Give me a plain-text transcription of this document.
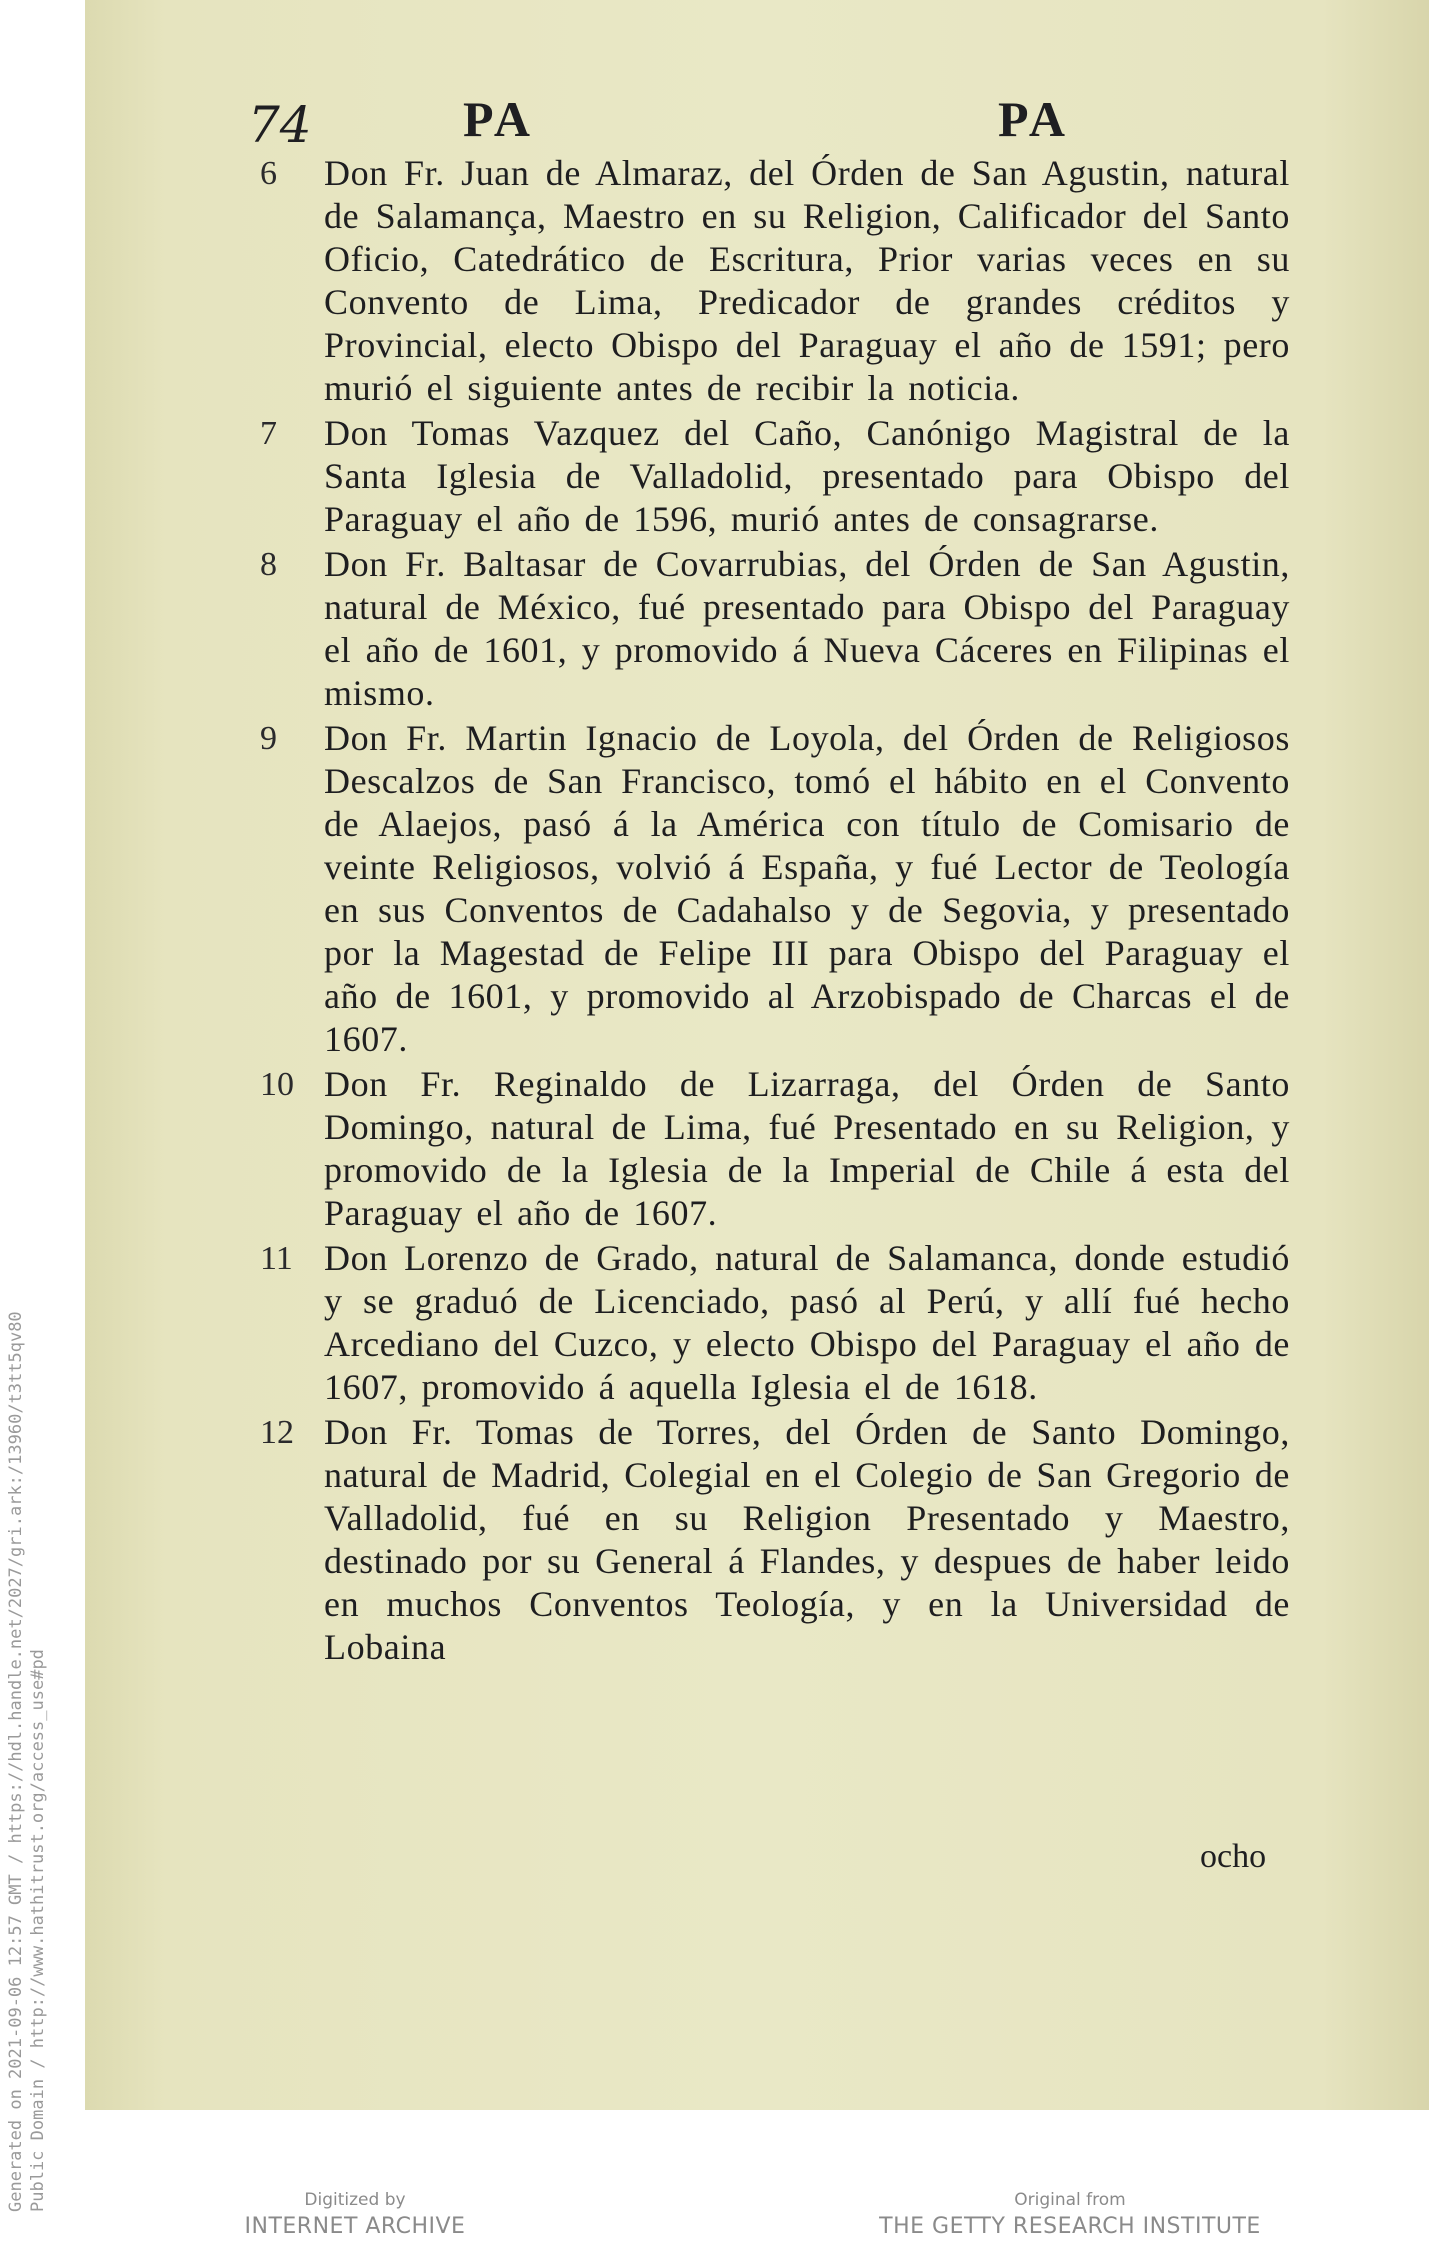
Generated on 2021-09-06 12:57 GMT / https://hdl.handle.net/2027/gri.ark:/13960/t3tt5qv80 Public Domain / http://www.hathitrust.org/access_use#pd
74	PA	PA
6	Don Fr. Juan de Almaraz, del Órden de San Agustin, natural de Salamança, Maestro en su Religion, Calificador del Santo Oficio, Catedrático de Escritura, Prior varias veces en su Convento de Lima, Predicador de grandes créditos y Provincial, electo Obispo del Paraguay el año de 1591; pero murió el siguiente antes de recibir la noticia.
7	Don Tomas Vazquez del Caño, Canónigo Magistral de la Santa Iglesia de Valladolid, presentado para Obispo del Paraguay el año de 1596, murió antes de consagrarse.
8	Don Fr. Baltasar de Covarrubias, del Órden de San Agustin, natural de México, fué presentado para Obispo del Paraguay el año de 1601, y promovido á Nueva Cáceres en Filipinas el mismo.
9	Don Fr. Martin Ignacio de Loyola, del Órden de Religiosos Descalzos de San Francisco, tomó el hábito en el Convento de Alaejos, pasó á la América con título de Comisario de veinte Religiosos, volvió á España, y fué Lector de Teología en sus Conventos de Cadahalso y de Segovia, y presentado por la Magestad de Felipe III para Obispo del Paraguay el año de 1601, y promovido al Arzobispado de Charcas el de 1607.
10 Don Fr. Reginaldo de Lizarraga, del Órden de Santo Domingo, natural de Lima, fué Presentado en su Religion, y promovido de la Iglesia de la Imperial de Chile á esta del Paraguay el año de 1607.
11 Don Lorenzo de Grado, natural de Salamanca, donde estudió y se graduó de Licenciado, pasó al Perú, y allí fué hecho Arcediano del Cuzco, y electo Obispo del Paraguay el año de 1607, promovido á aquella Iglesia el de 1618.
12 Don Fr. Tomas de Torres, del Órden de Santo Domingo, natural de Madrid, Colegial en el Colegio de San Gregorio de Valladolid, fué en su Religion Presentado y Maestro, destinado por su General á Flandes, y despues de haber leido en muchos Conventos Teología, y en la Universidad de Lobaina
ocho
Digitized by
INTERNET ARCHIVE
Original from
THE GETTY RESEARCH INSTITUTE
